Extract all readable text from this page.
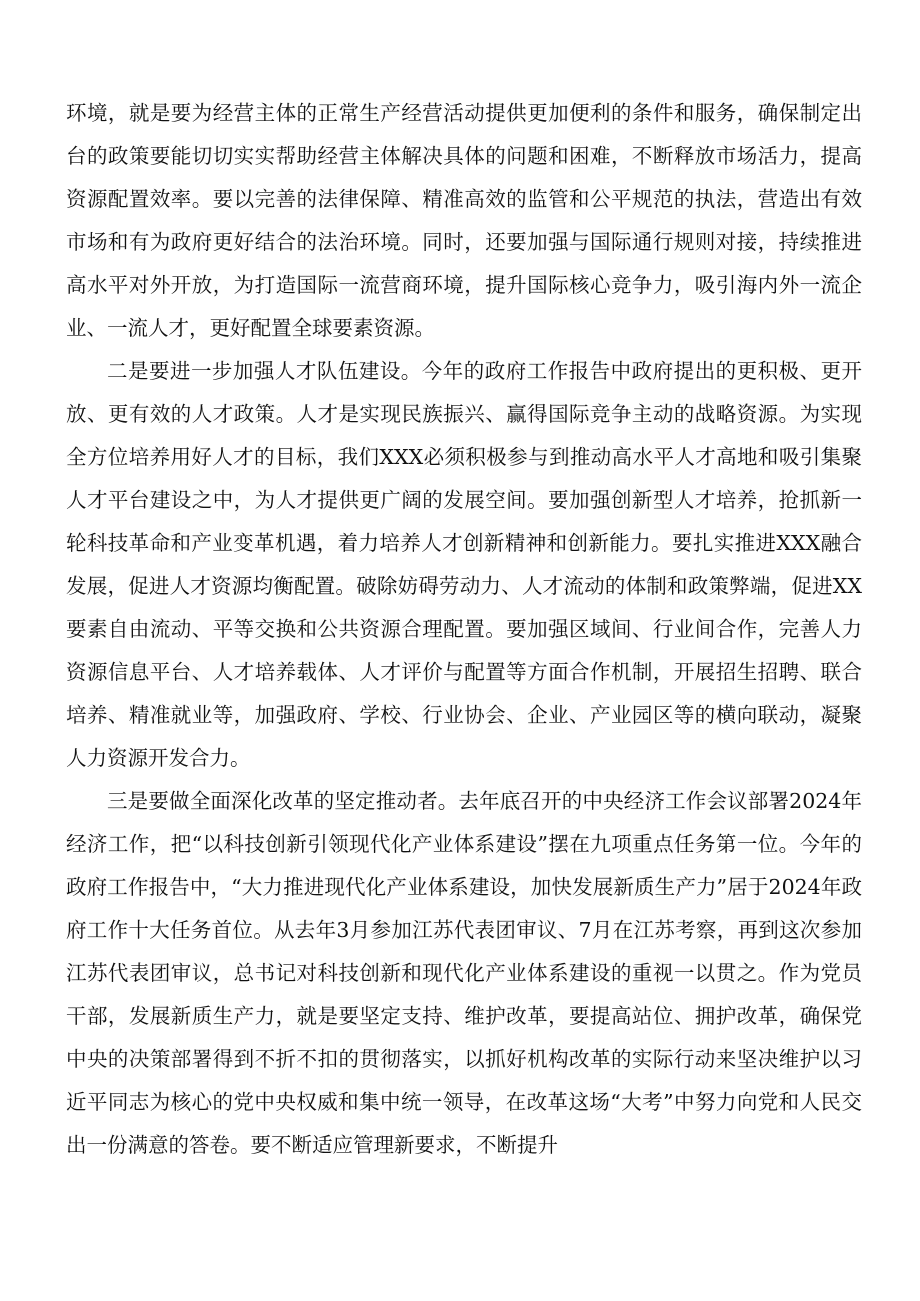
环境，就是要为经营主体的正常生产经营活动提供更加便利的条件和服务，确保制定出台的政策要能切切实实帮助经营主体解决具体的问题和困难，不断释放市场活力，提高资源配置效率。要以完善的法律保障、精准高效的监管和公平规范的执法，营造出有效市场和有为政府更好结合的法治环境。同时，还要加强与国际通行规则对接，持续推进高水平对外开放，为打造国际一流营商环境，提升国际核心竞争力，吸引海内外一流企业、一流人才，更好配置全球要素资源。

二是要进一步加强人才队伍建设。今年的政府工作报告中政府提出的更积极、更开放、更有效的人才政策。人才是实现民族振兴、赢得国际竞争主动的战略资源。为实现全方位培养用好人才的目标，我们XXX必须积极参与到推动高水平人才高地和吸引集聚人才平台建设之中，为人才提供更广阔的发展空间。要加强创新型人才培养，抢抓新一轮科技革命和产业变革机遇，着力培养人才创新精神和创新能力。要扎实推进XXX融合发展，促进人才资源均衡配置。破除妨碍劳动力、人才流动的体制和政策弊端，促进XX要素自由流动、平等交换和公共资源合理配置。要加强区域间、行业间合作，完善人力资源信息平台、人才培养载体、人才评价与配置等方面合作机制，开展招生招聘、联合培养、精准就业等，加强政府、学校、行业协会、企业、产业园区等的横向联动，凝聚人力资源开发合力。

三是要做全面深化改革的坚定推动者。去年底召开的中央经济工作会议部署2024年经济工作，把“以科技创新引领现代化产业体系建设”摆在九项重点任务第一位。今年的政府工作报告中，“大力推进现代化产业体系建设，加快发展新质生产力”居于2024年政府工作十大任务首位。从去年3月参加江苏代表团审议、7月在江苏考察，再到这次参加江苏代表团审议，总书记对科技创新和现代化产业体系建设的重视一以贯之。作为党员干部，发展新质生产力，就是要坚定支持、维护改革，要提高站位、拥护改革，确保党中央的决策部署得到不折不扣的贯彻落实，以抓好机构改革的实际行动来坚决维护以习近平同志为核心的党中央权威和集中统一领导，在改革这场“大考”中努力向党和人民交出一份满意的答卷。要不断适应管理新要求，不断提升
